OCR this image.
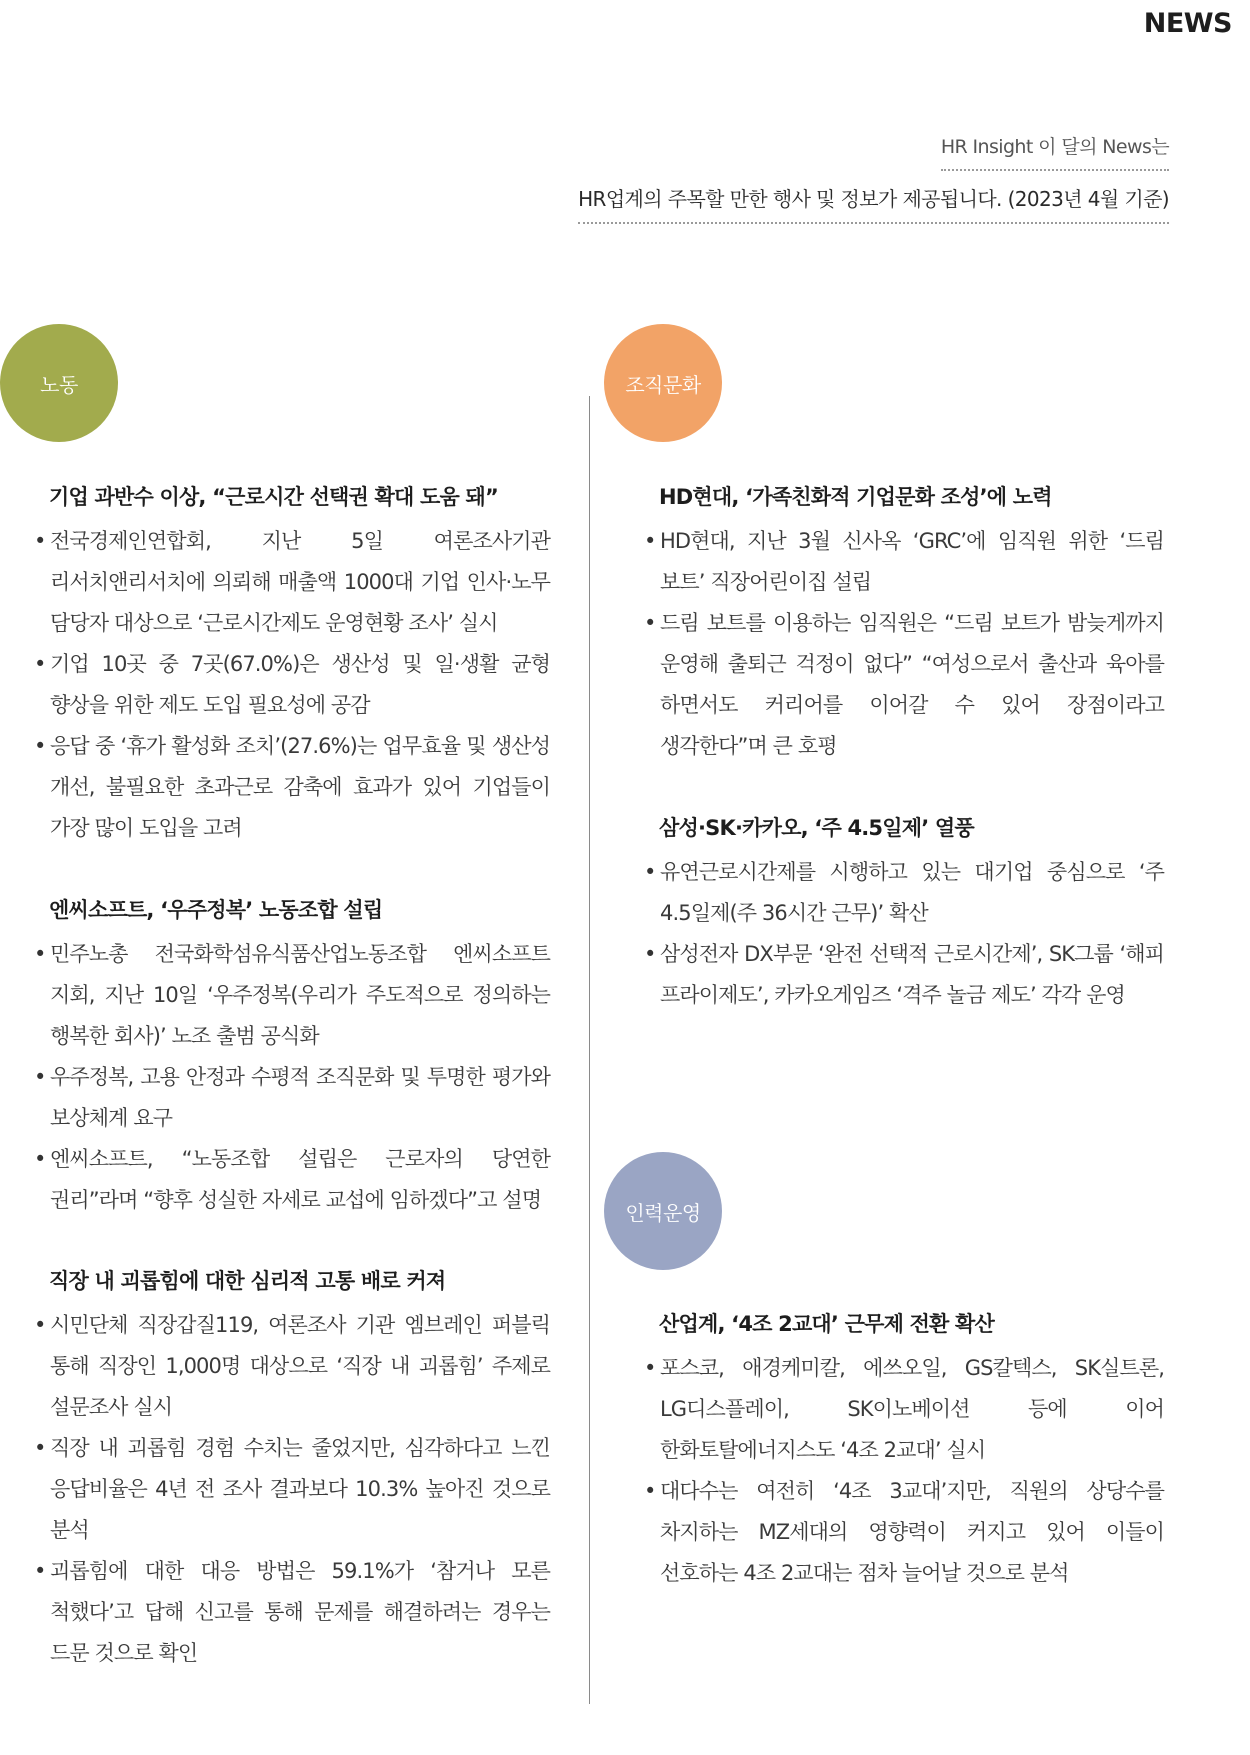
NEWS
HR Insight 이 달의 News는
HR업계의 주목할 만한 행사 및 정보가 제공됩니다. (2023년 4월 기준)
노동	조직문화
인력운영
기업 과반수 이상, “근로시간 선택권 확대 도움 돼”
• 전국경제인연합회, 지난 5일 여론조사기관 리서치앤리서치에 의뢰해 매출액 1000대 기업 인사·노무 담당자 대상으로 ‘근로시간제도 운영현황 조사’ 실시
• 기업 10곳 중 7곳(67.0%)은 생산성 및 일·생활 균형 향상을 위한 제도 도입 필요성에 공감
• 응답 중 ‘휴가 활성화 조치’(27.6%)는 업무효율 및 생산성 개선, 불필요한 초과근로 감축에 효과가 있어 기업들이 가장 많이 도입을 고려
엔씨소프트, ‘우주정복’ 노동조합 설립
• 민주노총 전국화학섬유식품산업노동조합 엔씨소프트 지회, 지난 10일 ‘우주정복(우리가 주도적으로 정의하는 행복한 회사)’ 노조 출범 공식화
• 우주정복, 고용 안정과 수평적 조직문화 및 투명한 평가와 보상체계 요구
• 엔씨소프트, “노동조합 설립은 근로자의 당연한 권리”라며 “향후 성실한 자세로 교섭에 임하겠다”고 설명
직장 내 괴롭힘에 대한 심리적 고통 배로 커져
• 시민단체 직장갑질119, 여론조사 기관 엠브레인 퍼블릭 통해 직장인 1,000명 대상으로 ‘직장 내 괴롭힘’ 주제로 설문조사 실시
• 직장 내 괴롭힘 경험 수치는 줄었지만, 심각하다고 느낀 응답비율은 4년 전 조사 결과보다 10.3% 높아진 것으로 분석
• 괴롭힘에 대한 대응 방법은 59.1%가 ‘참거나 모른 척했다’고 답해 신고를 통해 문제를 해결하려는 경우는 드문 것으로 확인
HD현대, ‘가족친화적 기업문화 조성’에 노력
• HD현대, 지난 3월 신사옥 ‘GRC’에 임직원 위한 ‘드림 보트’ 직장어린이집 설립
• 드림 보트를 이용하는 임직원은 “드림 보트가 밤늦게까지 운영해 출퇴근 걱정이 없다” “여성으로서 출산과 육아를 하면서도 커리어를 이어갈 수 있어 장점이라고 생각한다”며 큰 호평
삼성·SK·카카오, ‘주 4.5일제’ 열풍
• 유연근로시간제를 시행하고 있는 대기업 중심으로 ‘주 4.5일제(주 36시간 근무)’ 확산
• 삼성전자 DX부문 ‘완전 선택적 근로시간제’, SK그룹 ‘해피 프라이제도’, 카카오게임즈 ‘격주 놀금 제도’ 각각 운영
산업계, ‘4조 2교대’ 근무제 전환 확산
• 포스코, 애경케미칼, 에쓰오일, GS칼텍스, SK실트론, LG디스플레이, SK이노베이션 등에 이어 한화토탈에너지스도 ‘4조 2교대’ 실시
• 대다수는 여전히 ‘4조 3교대’지만, 직원의 상당수를 차지하는 MZ세대의 영향력이 커지고 있어 이들이 선호하는 4조 2교대는 점차 늘어날 것으로 분석
